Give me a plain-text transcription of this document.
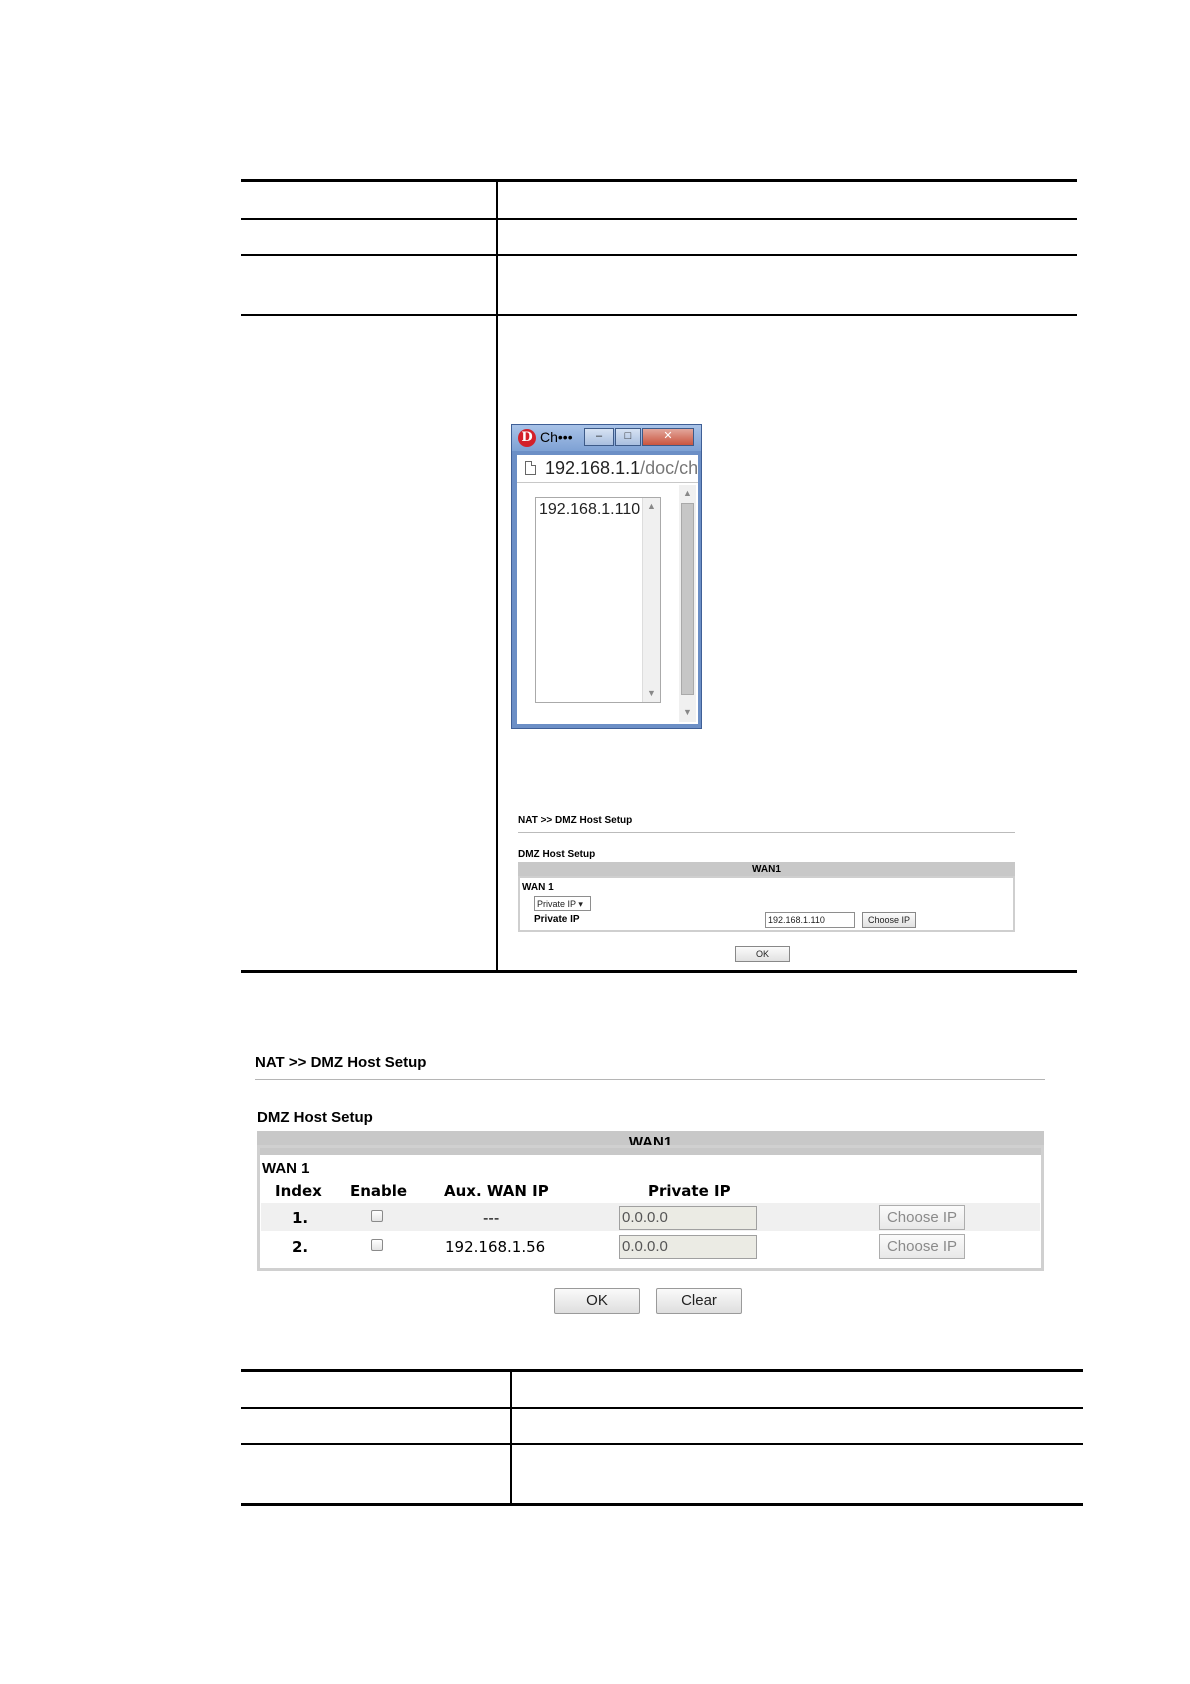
D Ch•••	–	□	✕
192.168.1.1/doc/ch
192.168.1.110 ▲
▼
▲
▼
NAT >> DMZ Host Setup
DMZ Host Setup
WAN1
WAN 1
Private IP ▾
Private IP	192.168.1.110	Choose IP
OK
NAT >> DMZ Host Setup
DMZ Host Setup
WAN1
WAN 1
Index Enable Aux. WAN IP	Private IP
1.	---	0.0.0.0	Choose IP
2.	192.168.1.56	0.0.0.0	Choose IP
OK	Clear
